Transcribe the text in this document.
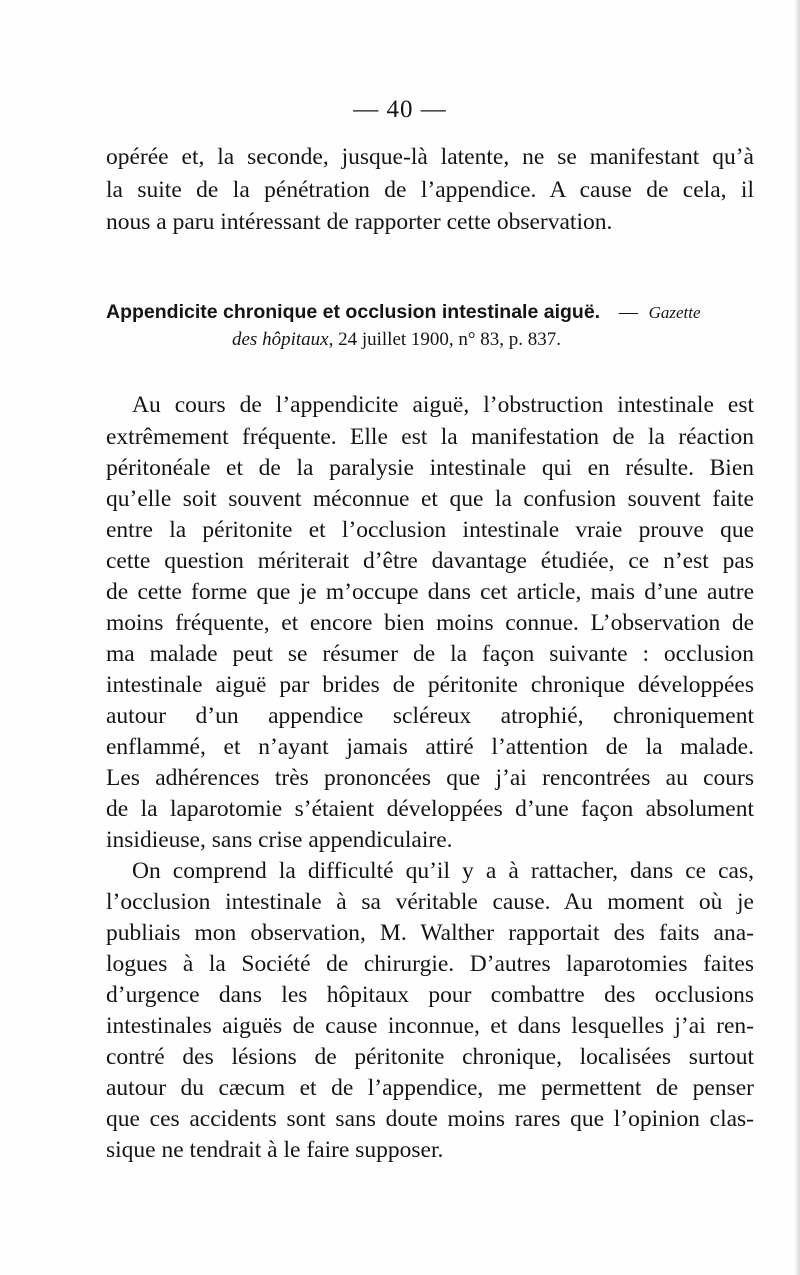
— 40 —
opérée et, la seconde, jusque-là latente, ne se manifestant qu’à
la suite de la pénétration de l’appendice. A cause de cela, il
nous a paru intéressant de rapporter cette observation.
Appendicite chronique et occlusion intestinale aiguë. — Gazette
des hôpitaux, 24 juillet 1900, n° 83, p. 837.
Au cours de l’appendicite aiguë, l’obstruction intestinale est
extrêmement fréquente. Elle est la manifestation de la réaction
péritonéale et de la paralysie intestinale qui en résulte. Bien
qu’elle soit souvent méconnue et que la confusion souvent faite
entre la péritonite et l’occlusion intestinale vraie prouve que
cette question mériterait d’être davantage étudiée, ce n’est pas
de cette forme que je m’occupe dans cet article, mais d’une autre
moins fréquente, et encore bien moins connue. L’observation de
ma malade peut se résumer de la façon suivante : occlusion
intestinale aiguë par brides de péritonite chronique développées
autour d’un appendice scléreux atrophié, chroniquement
enflammé, et n’ayant jamais attiré l’attention de la malade.
Les adhérences très prononcées que j’ai rencontrées au cours
de la laparotomie s’étaient développées d’une façon absolument
insidieuse, sans crise appendiculaire.
On comprend la difficulté qu’il y a à rattacher, dans ce cas,
l’occlusion intestinale à sa véritable cause. Au moment où je
publiais mon observation, M. Walther rapportait des faits ana-
logues à la Société de chirurgie. D’autres laparotomies faites
d’urgence dans les hôpitaux pour combattre des occlusions
intestinales aiguës de cause inconnue, et dans lesquelles j’ai ren-
contré des lésions de péritonite chronique, localisées surtout
autour du cæcum et de l’appendice, me permettent de penser
que ces accidents sont sans doute moins rares que l’opinion clas-
sique ne tendrait à le faire supposer.
